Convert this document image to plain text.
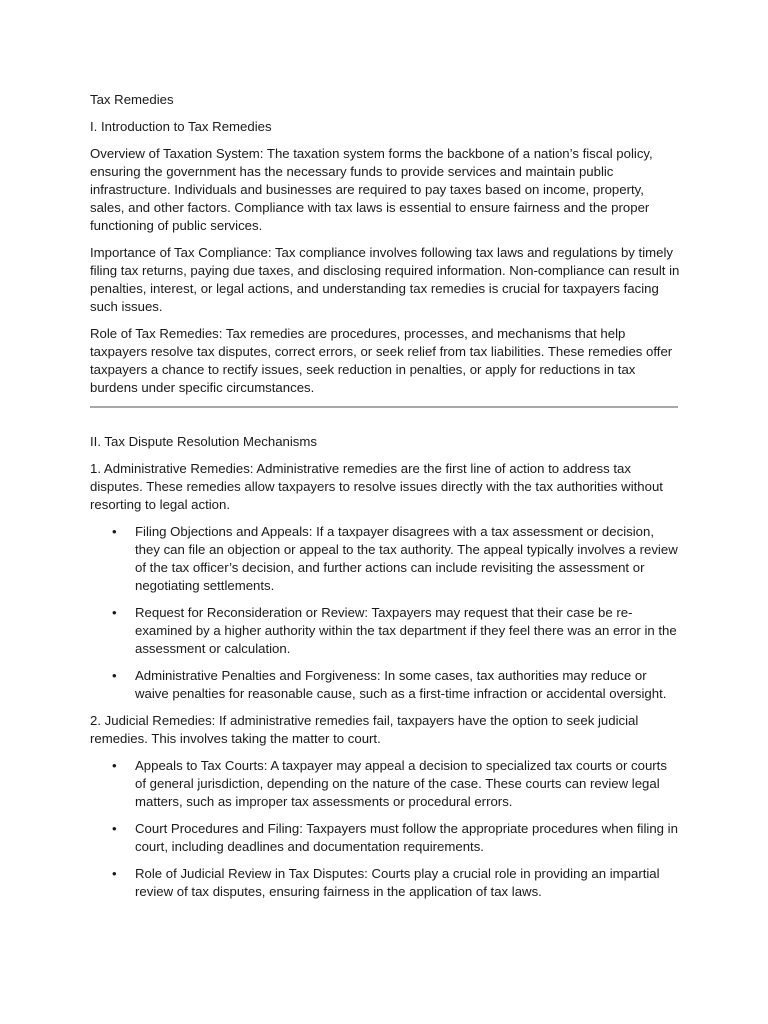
Tax Remedies
I. Introduction to Tax Remedies

Overview of Taxation System: The taxation system forms the backbone of a nation’s fiscal policy, ensuring the government has the necessary funds to provide services and maintain public infrastructure. Individuals and businesses are required to pay taxes based on income, property, sales, and other factors. Compliance with tax laws is essential to ensure fairness and the proper functioning of public services.

Importance of Tax Compliance: Tax compliance involves following tax laws and regulations by timely filing tax returns, paying due taxes, and disclosing required information. Non-compliance can result in penalties, interest, or legal actions, and understanding tax remedies is crucial for taxpayers facing such issues.

Role of Tax Remedies: Tax remedies are procedures, processes, and mechanisms that help taxpayers resolve tax disputes, correct errors, or seek relief from tax liabilities. These remedies offer taxpayers a chance to rectify issues, seek reduction in penalties, or apply for reductions in tax burdens under specific circumstances.

II. Tax Dispute Resolution Mechanisms

1. Administrative Remedies: Administrative remedies are the first line of action to address tax disputes. These remedies allow taxpayers to resolve issues directly with the tax authorities without resorting to legal action.

• Filing Objections and Appeals: If a taxpayer disagrees with a tax assessment or decision, they can file an objection or appeal to the tax authority. The appeal typically involves a review of the tax officer’s decision, and further actions can include revisiting the assessment or negotiating settlements.
• Request for Reconsideration or Review: Taxpayers may request that their case be re-examined by a higher authority within the tax department if they feel there was an error in the assessment or calculation.
• Administrative Penalties and Forgiveness: In some cases, tax authorities may reduce or waive penalties for reasonable cause, such as a first-time infraction or accidental oversight.

2. Judicial Remedies: If administrative remedies fail, taxpayers have the option to seek judicial remedies. This involves taking the matter to court.

• Appeals to Tax Courts: A taxpayer may appeal a decision to specialized tax courts or courts of general jurisdiction, depending on the nature of the case. These courts can review legal matters, such as improper tax assessments or procedural errors.
• Court Procedures and Filing: Taxpayers must follow the appropriate procedures when filing in court, including deadlines and documentation requirements.
• Role of Judicial Review in Tax Disputes: Courts play a crucial role in providing an impartial review of tax disputes, ensuring fairness in the application of tax laws.
